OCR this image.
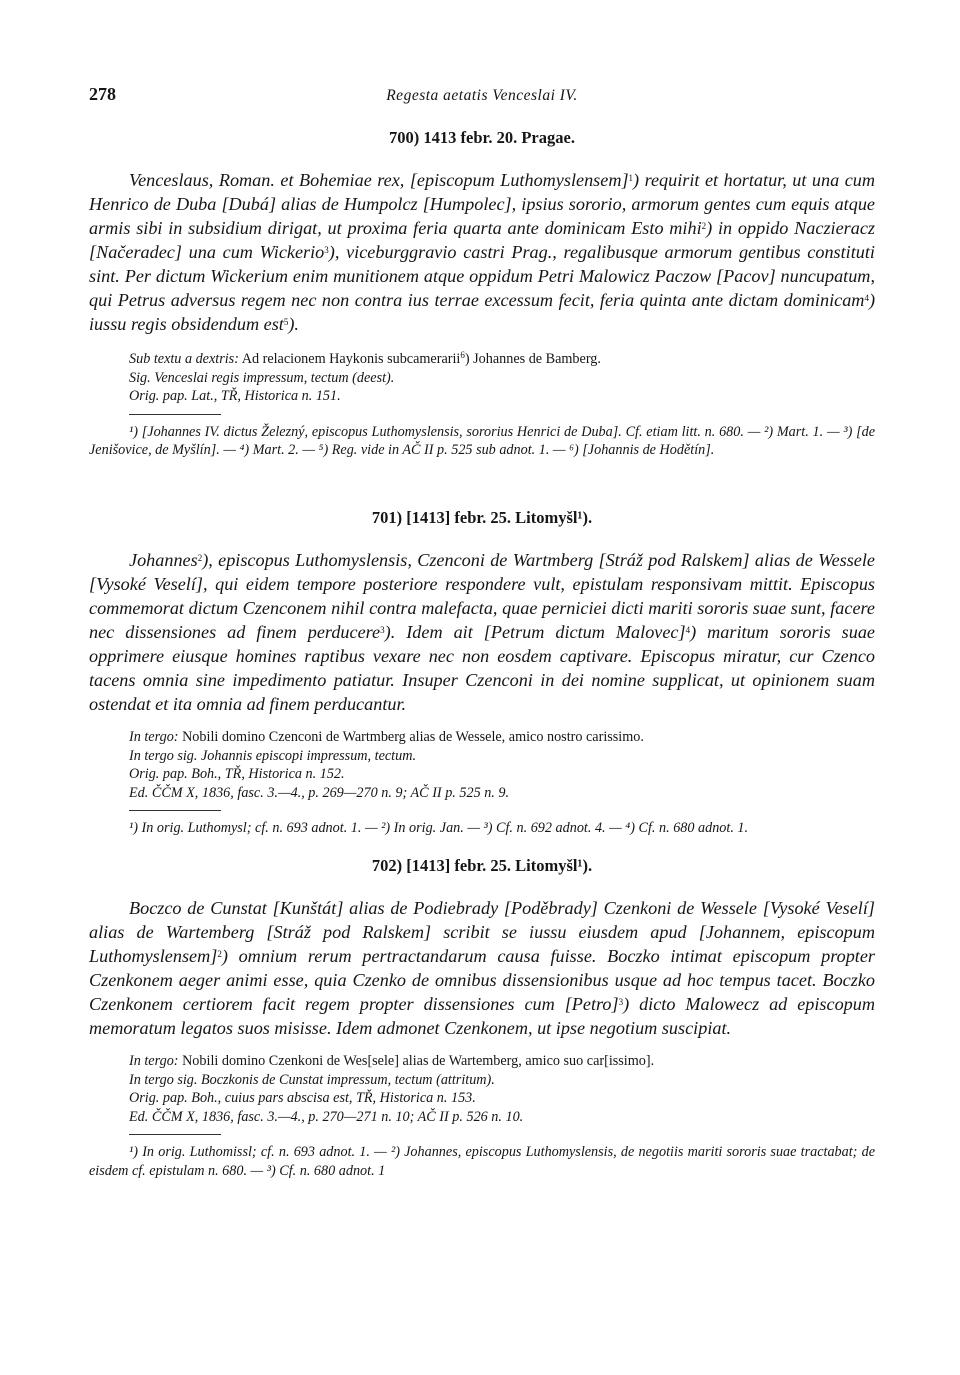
278	Regesta aetatis Venceslai IV.
700) 1413 febr. 20. Pragae.

Venceslaus, Roman. et Bohemiae rex, [episcopum Luthomyslensem]$^1$) requirit et hortatur, ut una cum Henrico de Duba [Dubá] alias de Humpolcz [Humpolec], ipsius sororio, armorum gentes cum equis atque armis sibi in subsidium dirigat, ut proxima feria quarta ante dominicam Esto mihi$^2$) in oppido Naczieracz [Načeradec] una cum Wickerio$^3$), viceburggravio castri Prag., regalibusque armorum gentibus constituti sint. Per dictum Wickerium enim munitionem atque oppidum Petri Malowicz Paczow [Pacov] nuncupatum, qui Petrus adversus regem nec non contra ius terrae excessum fecit, feria quinta ante dictam dominicam$^4$) iussu regis obsidendum est$^5$).

Sub textu a dextris: Ad relacionem Haykonis subcamerarii$^6$) Johannes de Bamberg.
Sig. Venceslai regis impressum, tectum (deest).
Orig. pap. Lat., TŘ, Historica n. 151.

¹) [Johannes IV. dictus Železný, episcopus Luthomyslensis, sororius Henrici de Duba]. Cf. etiam litt. n. 680. — ²) Mart. 1. — ³) [de Jenišovice, de Myšlín]. — ⁴) Mart. 2. — ⁵) Reg. vide in AČ II p. 525 sub adnot. 1. — ⁶) [Johannis de Hodětín].

701) [1413] febr. 25. Litomyšl¹).

Johannes$^2$), episcopus Luthomyslensis, Czenconi de Wartmberg [Stráž pod Ralskem] alias de Wessele [Vysoké Veselí], qui eidem tempore posteriore respondere vult, epistulam responsivam mittit. Episcopus commemorat dictum Czenconem nihil contra malefacta, quae perniciei dicti mariti sororis suae sunt, facere nec dissensiones ad finem perducere$^3$). Idem ait [Petrum dictum Malovec]$^4$) maritum sororis suae opprimere eiusque homines raptibus vexare nec non eosdem captivare. Episcopus miratur, cur Czenco tacens omnia sine impedimento patiatur. Insuper Czenconi in dei nomine supplicat, ut opinionem suam ostendat et ita omnia ad finem perducantur.

In tergo: Nobili domino Czenconi de Wartmberg alias de Wessele, amico nostro carissimo.
In tergo sig. Johannis episcopi impressum, tectum.
Orig. pap. Boh., TŘ, Historica n. 152.
Ed. ČČM X, 1836, fasc. 3.—4., p. 269—270 n. 9; AČ II p. 525 n. 9.

¹) In orig. Luthomysl; cf. n. 693 adnot. 1. — ²) In orig. Jan. — ³) Cf. n. 692 adnot. 4. — ⁴) Cf. n. 680 adnot. 1.

702) [1413] febr. 25. Litomyšl¹).

Boczco de Cunstat [Kunštát] alias de Podiebrady [Poděbrady] Czenkoni de Wessele [Vysoké Veselí] alias de Wartemberg [Stráž pod Ralskem] scribit se iussu eiusdem apud [Johannem, episcopum Luthomyslensem]$^2$) omnium rerum pertractandarum causa fuisse. Boczko intimat episcopum propter Czenkonem aeger animi esse, quia Czenko de omnibus dissensionibus usque ad hoc tempus tacet. Boczko Czenkonem certiorem facit regem propter dissensiones cum [Petro]$^3$) dicto Malowecz ad episcopum memoratum legatos suos misisse. Idem admonet Czenkonem, ut ipse negotium suscipiat.

In tergo: Nobili domino Czenkoni de Wes[sele] alias de Wartemberg, amico suo car[issimo].
In tergo sig. Boczkonis de Cunstat impressum, tectum (attritum).
Orig. pap. Boh., cuius pars abscisa est, TŘ, Historica n. 153.
Ed. ČČM X, 1836, fasc. 3.—4., p. 270—271 n. 10; AČ II p. 526 n. 10.

¹) In orig. Luthomissl; cf. n. 693 adnot. 1. — ²) Johannes, episcopus Luthomyslensis, de negotiis mariti sororis suae tractabat; de eisdem cf. epistulam n. 680. — ³) Cf. n. 680 adnot. 1
